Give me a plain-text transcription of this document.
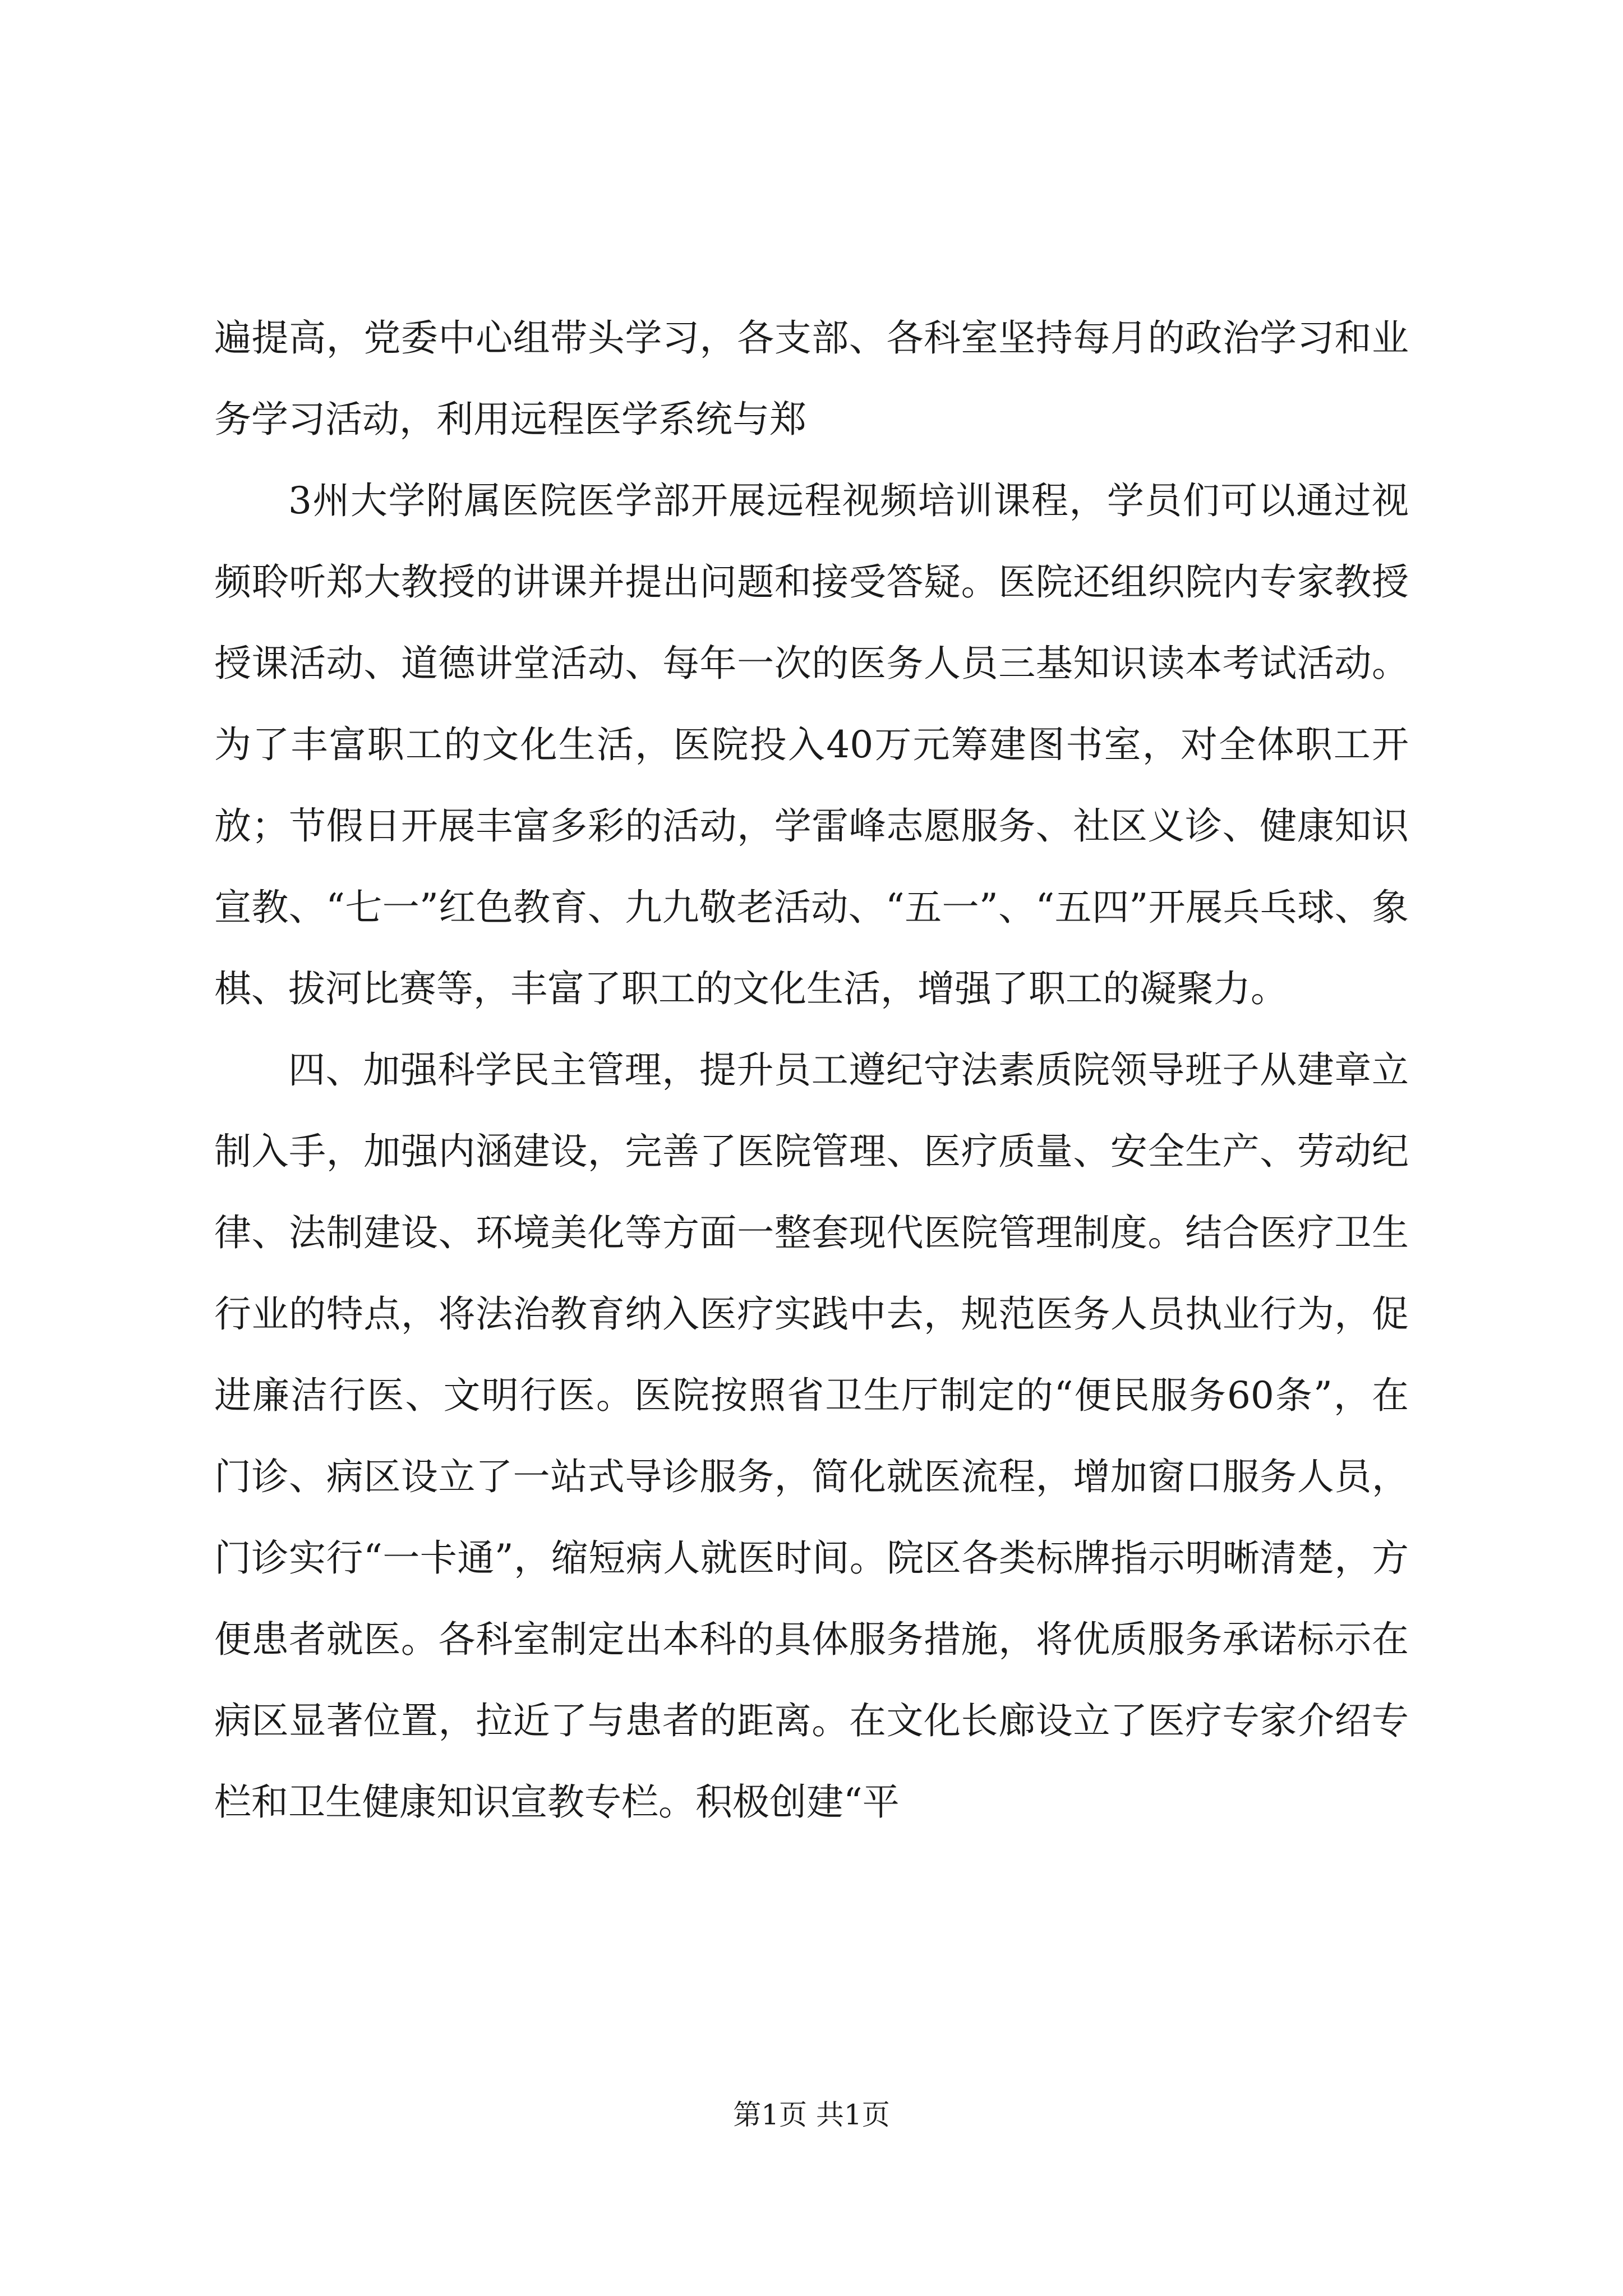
遍提高，党委中心组带头学习，各支部、各科室坚持每月的政治学习和业务学习活动，利用远程医学系统与郑

3州大学附属医院医学部开展远程视频培训课程，学员们可以通过视频聆听郑大教授的讲课并提出问题和接受答疑。医院还组织院内专家教授授课活动、道德讲堂活动、每年一次的医务人员三基知识读本考试活动。为了丰富职工的文化生活，医院投入40万元筹建图书室，对全体职工开放；节假日开展丰富多彩的活动，学雷峰志愿服务、社区义诊、健康知识宣教、“七一”红色教育、九九敬老活动、“五一”、“五四”开展兵乓球、象棋、拔河比赛等，丰富了职工的文化生活，增强了职工的凝聚力。

四、加强科学民主管理，提升员工遵纪守法素质院领导班子从建章立制入手，加强内涵建设，完善了医院管理、医疗质量、安全生产、劳动纪律、法制建设、环境美化等方面一整套现代医院管理制度。结合医疗卫生行业的特点，将法治教育纳入医疗实践中去，规范医务人员执业行为，促进廉洁行医、文明行医。医院按照省卫生厅制定的“便民服务60条”，在门诊、病区设立了一站式导诊服务，简化就医流程，增加窗口服务人员，门诊实行“一卡通”，缩短病人就医时间。院区各类标牌指示明晰清楚，方便患者就医。各科室制定出本科的具体服务措施，将优质服务承诺标示在病区显著位置，拉近了与患者的距离。在文化长廊设立了医疗专家介绍专栏和卫生健康知识宣教专栏。积极创建“平

第1页 共1页
